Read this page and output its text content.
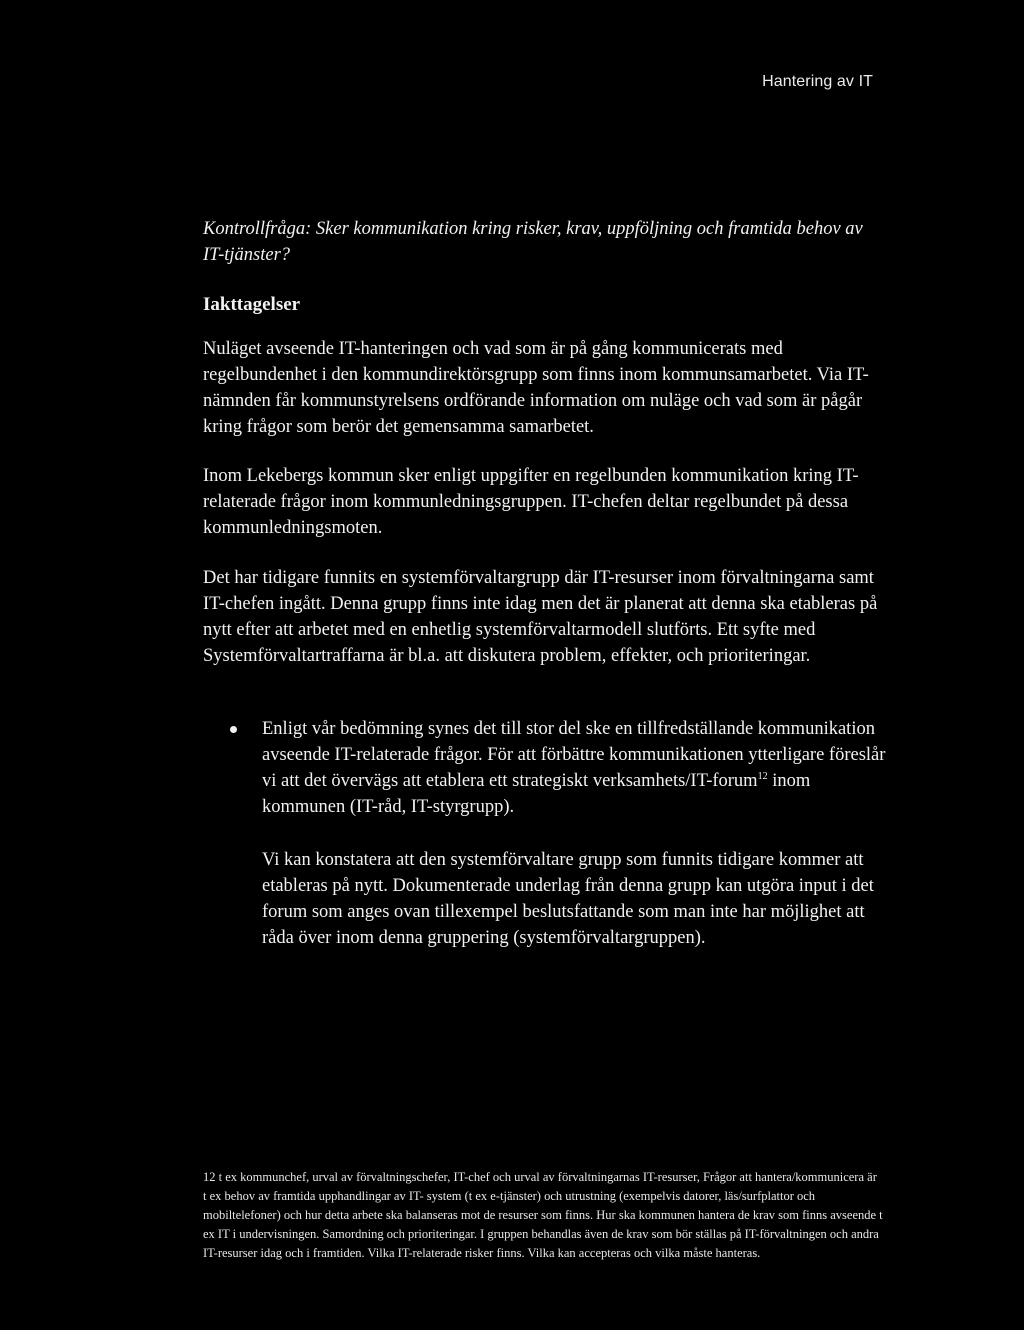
Hantering av IT

Kontrollfråga: Sker kommunikation kring risker, krav, uppföljning och framtida behov av IT-tjänster?

Iakttagelser

Nuläget avseende IT-hanteringen och vad som är på gång kommunicerats med regelbundenhet i den kommundirektörsgrupp som finns inom kommunsamarbetet. Via IT-nämnden får kommunstyrelsens ordförande information om nuläge och vad som är pågår kring frågor som berör det gemensamma samarbetet.

Inom Lekebergs kommun sker enligt uppgifter en regelbunden kommunikation kring IT-relaterade frågor inom kommunledningsgruppen. IT-chefen deltar regelbundet på dessa kommunledningsmoten.

Det har tidigare funnits en systemförvaltargrupp där IT-resurser inom förvaltningarna samt IT-chefen ingått. Denna grupp finns inte idag men det är planerat att denna ska etableras på nytt efter att arbetet med en enhetlig systemförvaltarmodell slutförts. Ett syfte med Systemförvaltartraffarna är bl.a. att diskutera problem, effekter, och prioriteringar.

Enligt vår bedömning synes det till stor del ske en tillfredställande kommunikation avseende IT-relaterade frågor. För att förbättre kommunikationen ytterligare föreslår vi att det övervägs att etablera ett strategiskt verksamhets/IT-forum$^{12}$ inom kommunen (IT-råd, IT-styrgrupp).

Vi kan konstatera att den systemförvaltare grupp som funnits tidigare kommer att etableras på nytt. Dokumenterade underlag från denna grupp kan utgöra input i det forum som anges ovan tillexempel beslutsfattande som man inte har möjlighet att råda över inom denna gruppering (systemförvaltargruppen).

12 t ex kommunchef, urval av förvaltningschefer, IT-chef och urval av förvaltningarnas IT-resurser, Frågor att hantera/kommunicera är t ex behov av framtida upphandlingar av IT- system (t ex e-tjänster) och utrustning (exempelvis datorer, läs/surfplattor och mobiltelefoner) och hur detta arbete ska balanseras mot de resurser som finns. Hur ska kommunen hantera de krav som finns avseende t ex IT i undervisningen. Samordning och prioriteringar. I gruppen behandlas även de krav som bör ställas på IT-förvaltningen och andra IT-resurser idag och i framtiden. Vilka IT-relaterade risker finns. Vilka kan accepteras och vilka måste hanteras.
